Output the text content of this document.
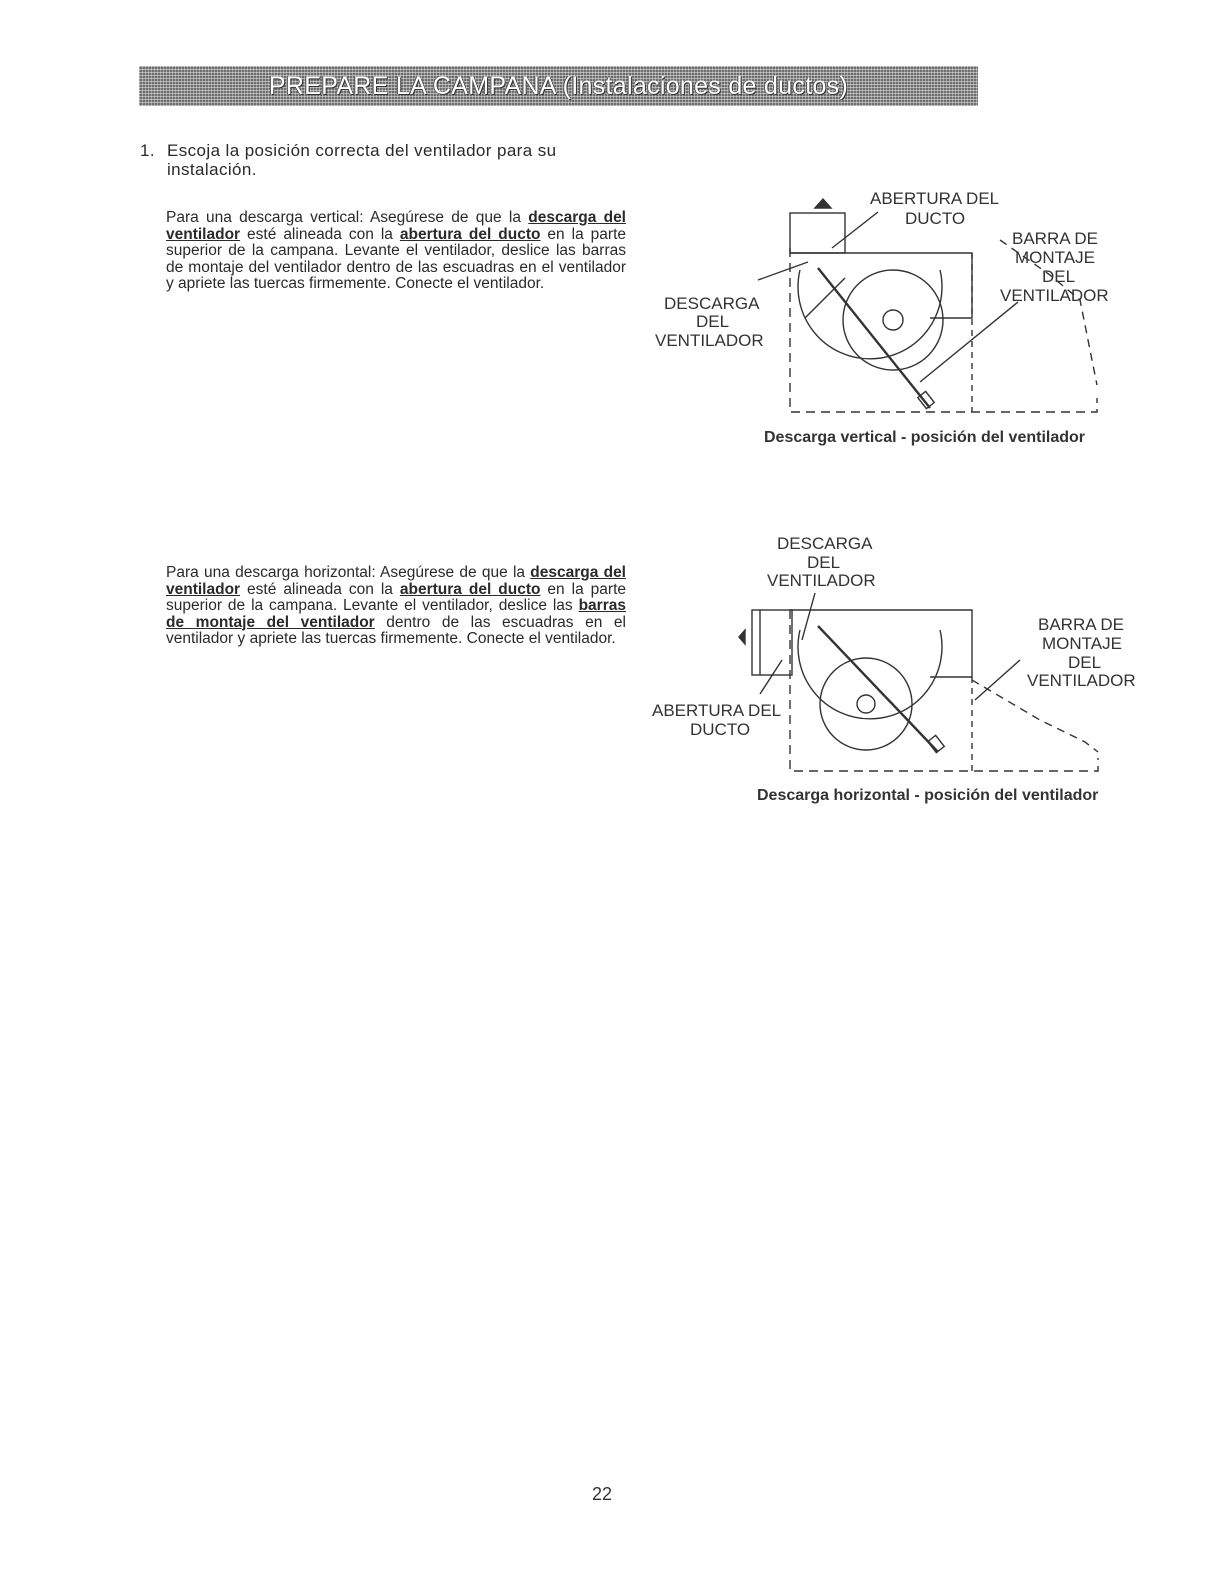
PREPARE LA CAMPANA (Instalaciones de ductos)
1. Escoja la posición correcta del ventilador para su instalación.
Para una descarga vertical: Asegúrese de que la descarga del ventilador esté alineada con la abertura del ducto en la parte superior de la campana. Levante el ventilador, deslice las barras de montaje del ventilador dentro de las escuadras en el ventilador y apriete las tuercas firmemente. Conecte el ventilador.
Para una descarga horizontal: Asegúrese de que la descarga del ventilador esté alineada con la abertura del ducto en la parte superior de la campana. Levante el ventilador, deslice las barras de montaje del ventilador dentro de las escuadras en el ventilador y apriete las tuercas firmemente. Conecte el ventilador.
ABERTURA DEL
DUCTO
BARRA DE
MONTAJE
DEL
VENTILADOR
DESCARGA
DEL
VENTILADOR
Descarga vertical - posición del ventilador
DESCARGA
DEL
VENTILADOR
BARRA DE
MONTAJE
DEL
VENTILADOR
ABERTURA DEL
DUCTO
Descarga horizontal - posición del ventilador
22
